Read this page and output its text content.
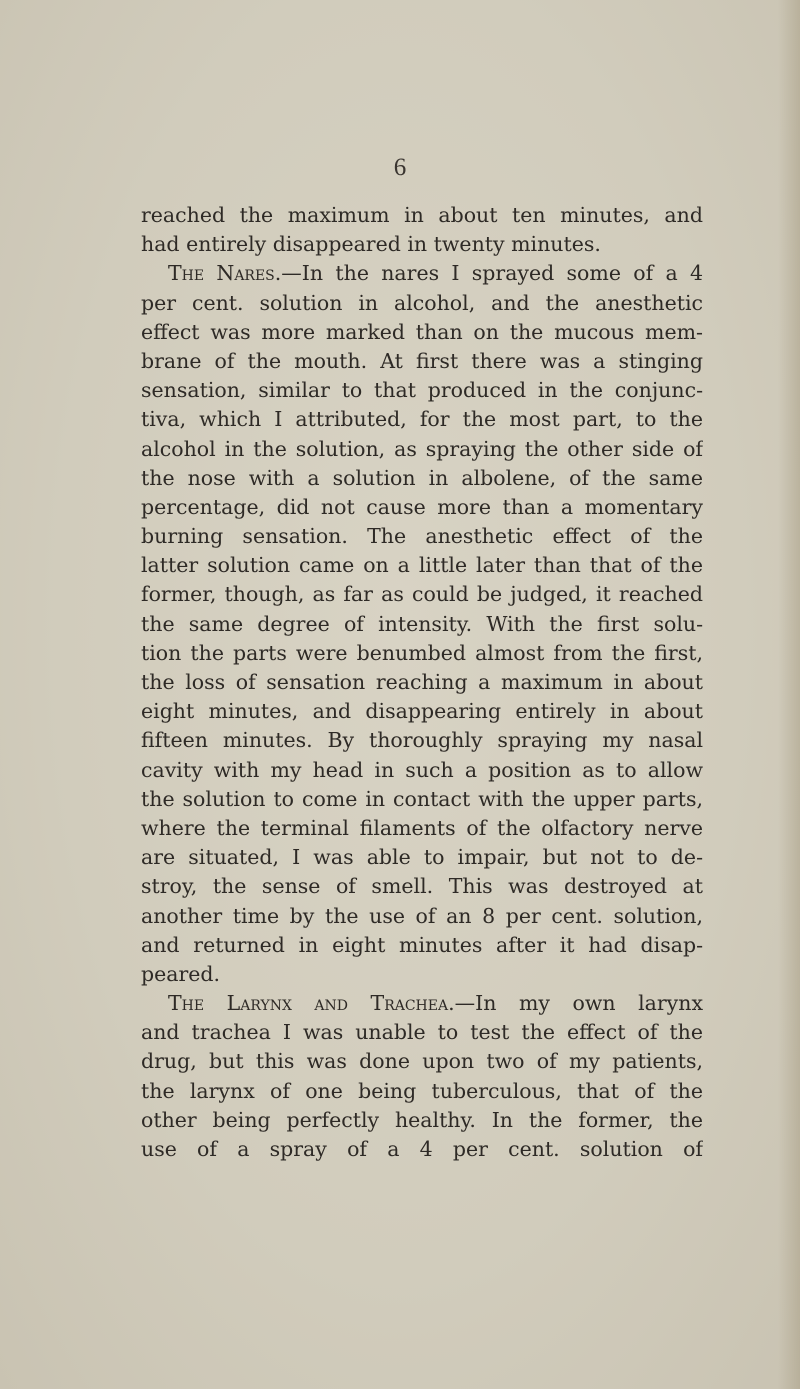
6
reached the maximum in about ten minutes, and
had entirely disappeared in twenty minutes.
The Nares.—In the nares I sprayed some of a 4
per cent. solution in alcohol, and the anesthetic
effect was more marked than on the mucous mem-
brane of the mouth. At first there was a stinging
sensation, similar to that produced in the conjunc-
tiva, which I attributed, for the most part, to the
alcohol in the solution, as spraying the other side of
the nose with a solution in albolene, of the same
percentage, did not cause more than a momentary
burning sensation. The anesthetic effect of the
latter solution came on a little later than that of the
former, though, as far as could be judged, it reached
the same degree of intensity. With the first solu-
tion the parts were benumbed almost from the first,
the loss of sensation reaching a maximum in about
eight minutes, and disappearing entirely in about
fifteen minutes. By thoroughly spraying my nasal
cavity with my head in such a position as to allow
the solution to come in contact with the upper parts,
where the terminal filaments of the olfactory nerve
are situated, I was able to impair, but not to de-
stroy, the sense of smell. This was destroyed at
another time by the use of an 8 per cent. solution,
and returned in eight minutes after it had disap-
peared.
The Larynx and Trachea.—In my own larynx
and trachea I was unable to test the effect of the
drug, but this was done upon two of my patients,
the larynx of one being tuberculous, that of the
other being perfectly healthy. In the former, the
use of a spray of a 4 per cent. solution of
